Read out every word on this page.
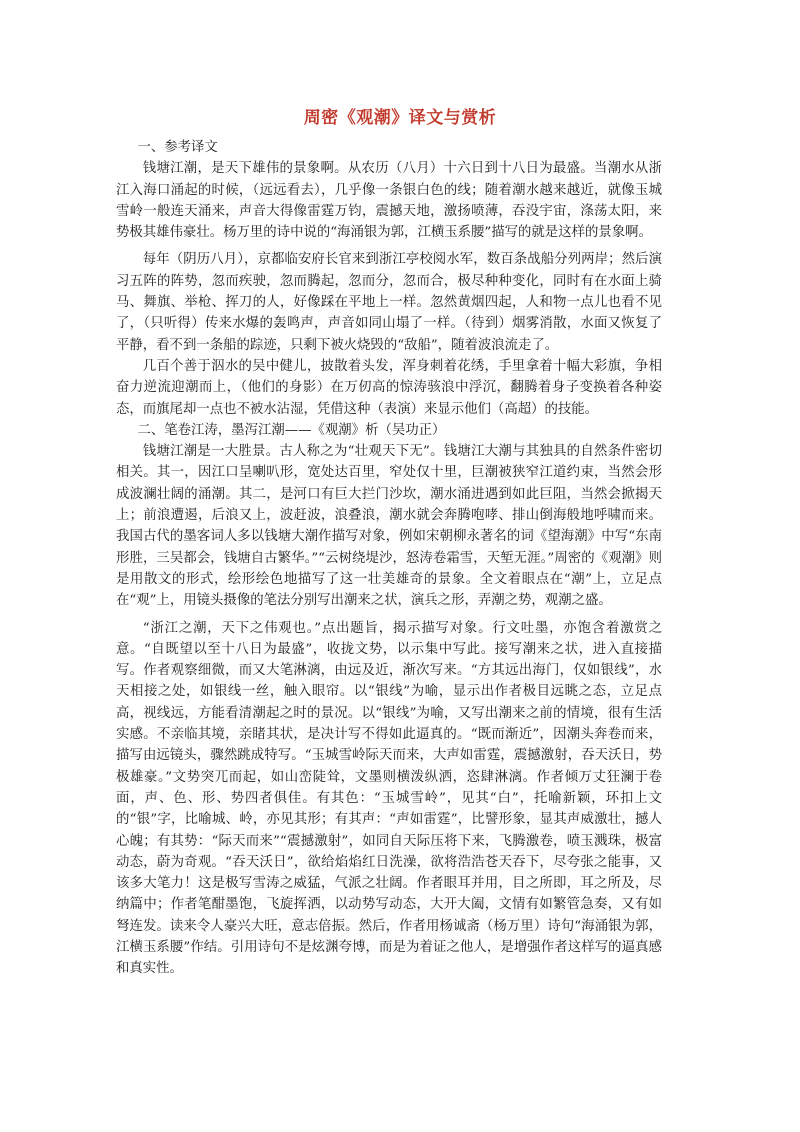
周密《观潮》译文与赏析

一、参考译文

钱塘江潮，是天下雄伟的景象啊。从农历（八月）十六日到十八日为最盛。当潮水从浙江入海口涌起的时候，（远远看去），几乎像一条银白色的线；随着潮水越来越近，就像玉城雪岭一般连天涌来，声音大得像雷霆万钧，震撼天地，激扬喷薄，吞没宇宙，涤荡太阳，来势极其雄伟豪壮。杨万里的诗中说的“海涌银为郭，江横玉系腰”描写的就是这样的景象啊。

每年（阴历八月），京都临安府长官来到浙江亭校阅水军，数百条战船分列两岸；然后演习五阵的阵势，忽而疾驶，忽而腾起，忽而分，忽而合，极尽种种变化，同时有在水面上骑马、舞旗、举枪、挥刀的人，好像踩在平地上一样。忽然黄烟四起，人和物一点儿也看不见了，（只听得）传来水爆的轰鸣声，声音如同山塌了一样。（待到）烟雾消散，水面又恢复了平静，看不到一条船的踪迹，只剩下被火烧毁的“敌船”，随着波浪流走了。

几百个善于泅水的吴中健儿，披散着头发，浑身刺着花绣，手里拿着十幅大彩旗，争相奋力逆流迎潮而上，（他们的身影）在万仞高的惊涛骇浪中浮沉，翻腾着身子变换着各种姿态，而旗尾却一点也不被水沾湿，凭借这种（表演）来显示他们（高超）的技能。

二、笔卷江涛，墨泻江潮——《观潮》析（吴功正）

钱塘江潮是一大胜景。古人称之为“壮观天下无”。钱塘江大潮与其独具的自然条件密切相关。其一，因江口呈喇叭形，宽处达百里，窄处仅十里，巨潮被狭窄江道约束，当然会形成波澜壮阔的涌潮。其二，是河口有巨大拦门沙坎，潮水涌进遇到如此巨阻，当然会掀揭天上；前浪遭遏，后浪又上，波赶波，浪叠浪，潮水就会奔腾咆哮、排山倒海般地呼啸而来。我国古代的墨客词人多以钱塘大潮作描写对象，例如宋朝柳永著名的词《望海潮》中写“东南形胜，三吴都会，钱塘自古繁华。”“云树绕堤沙，怒涛卷霜雪，天堑无涯。”周密的《观潮》则是用散文的形式，绘形绘色地描写了这一壮美雄奇的景象。全文着眼点在“潮”上，立足点在“观”上，用镜头摄像的笔法分别写出潮来之状，演兵之形，弄潮之势，观潮之盛。

“浙江之潮，天下之伟观也。”点出题旨，揭示描写对象。行文吐墨，亦饱含着激赏之意。“自既望以至十八日为最盛”，收拢文势，以示集中写此。接写潮来之状，进入直接描写。作者观察细微，而又大笔淋漓，由远及近，渐次写来。“方其远出海门，仅如银线”，水天相接之处，如银线一丝，触入眼帘。以“银线”为喻，显示出作者极目远眺之态，立足点高，视线远，方能看清潮起之时的景况。以“银线”为喻，又写出潮来之前的情境，很有生活实感。不亲临其境，亲睹其状，是决计写不得如此逼真的。“既而渐近”，因潮头奔卷而来，描写由远镜头，骤然跳成特写。“玉城雪岭际天而来，大声如雷霆，震撼激射，吞天沃日，势极雄豪。”文势突兀而起，如山峦陡耸，文墨则横泼纵洒，恣肆淋漓。作者倾万丈狂澜于卷面，声、色、形、势四者俱佳。有其色：“玉城雪岭”，见其“白”，托喻新颖，环扣上文的“银”字，比喻城、岭，亦见其形；有其声：“声如雷霆”，比譬形象，显其声威激壮，撼人心魄；有其势：“际天而来”“震撼激射”，如同自天际压将下来，飞腾激卷，喷玉溅珠，极富动态，蔚为奇观。“吞天沃日”，欲给焰焰红日洗澡，欲将浩浩苍天吞下，尽夸张之能事，又该多大笔力！这是极写雪涛之威猛，气派之壮阔。作者眼耳并用，目之所即，耳之所及，尽纳篇中；作者笔酣墨饱，飞旋挥洒，以动势写动态，大开大阖，文情有如繁管急奏，又有如弩连发。读来令人豪兴大旺，意志倍振。然后，作者用杨诚斋（杨万里）诗句“海涌银为郭，江横玉系腰”作结。引用诗句不是炫渊夸博，而是为着证之他人，是增强作者这样写的逼真感和真实性。
